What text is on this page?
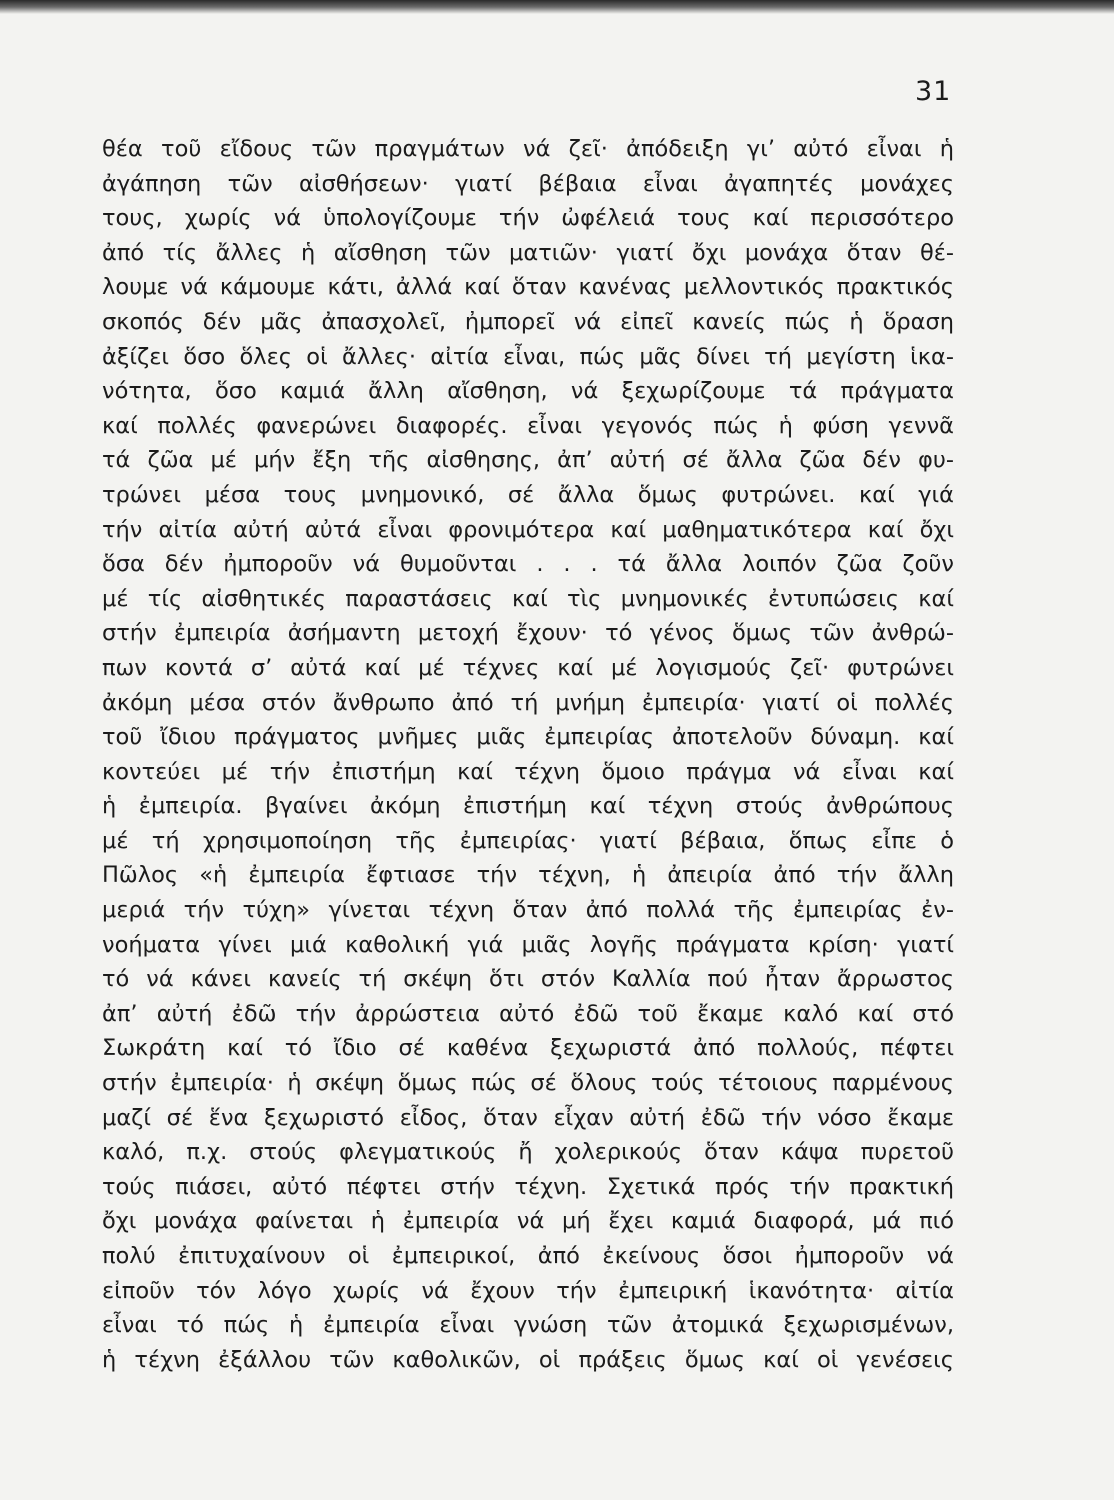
31
θέα τοῦ εἴδους τῶν πραγμάτων νά ζεῖ· ἀπόδειξη γι’ αὐτό εἶναι ἡ
ἀγάπηση τῶν αἰσθήσεων· γιατί βέβαια εἶναι ἀγαπητές μονάχες
τους, χωρίς νά ὑπολογίζουμε τήν ὠφέλειά τους καί περισσότερο
ἀπό τίς ἄλλες ἡ αἴσθηση τῶν ματιῶν· γιατί ὄχι μονάχα ὅταν θέ-
λουμε νά κάμουμε κάτι, ἀλλά καί ὅταν κανένας μελλοντικός πρακτικός
σκοπός δέν μᾶς ἀπασχολεῖ, ἠμπορεῖ νά εἰπεῖ κανείς πώς ἡ ὅραση
ἀξίζει ὅσο ὅλες οἱ ἄλλες· αἰτία εἶναι, πώς μᾶς δίνει τή μεγίστη ἱκα-
νότητα, ὅσο καμιά ἄλλη αἴσθηση, νά ξεχωρίζουμε τά πράγματα
καί πολλές φανερώνει διαφορές. εἶναι γεγονός πώς ἡ φύση γεννᾶ
τά ζῶα μέ μήν ἔξη τῆς αἰσθησης, ἀπ’ αὐτή σέ ἄλλα ζῶα δέν φυ-
τρώνει μέσα τους μνημονικό, σέ ἄλλα ὅμως φυτρώνει. καί γιά
τήν αἰτία αὐτή αὐτά εἶναι φρονιμότερα καί μαθηματικότερα καί ὄχι
ὅσα δέν ἠμποροῦν νά θυμοῦνται . . . τά ἄλλα λοιπόν ζῶα ζοῦν
μέ τίς αἰσθητικές παραστάσεις καί τὶς μνημονικές ἐντυπώσεις καί
στήν ἐμπειρία ἀσήμαντη μετοχή ἔχουν· τό γένος ὅμως τῶν ἀνθρώ-
πων κοντά σ’ αὐτά καί μέ τέχνες καί μέ λογισμούς ζεῖ· φυτρώνει
ἀκόμη μέσα στόν ἄνθρωπο ἀπό τή μνήμη ἐμπειρία· γιατί οἱ πολλές
τοῦ ἴδιου πράγματος μνῆμες μιᾶς ἐμπειρίας ἀποτελοῦν δύναμη. καί
κοντεύει μέ τήν ἐπιστήμη καί τέχνη ὅμοιο πράγμα νά εἶναι καί
ἡ ἐμπειρία. βγαίνει ἀκόμη ἐπιστήμη καί τέχνη στούς ἀνθρώπους
μέ τή χρησιμοποίηση τῆς ἐμπειρίας· γιατί βέβαια, ὅπως εἶπε ὁ
Πῶλος «ἡ ἐμπειρία ἔφτιασε τήν τέχνη, ἡ ἀπειρία ἀπό τήν ἄλλη
μεριά τήν τύχη» γίνεται τέχνη ὅταν ἀπό πολλά τῆς ἐμπειρίας ἐν-
νοήματα γίνει μιά καθολική γιά μιᾶς λογῆς πράγματα κρίση· γιατί
τό νά κάνει κανείς τή σκέψη ὅτι στόν Καλλία πού ἦταν ἄρρωστος
ἀπ’ αὐτή ἐδῶ τήν ἀρρώστεια αὐτό ἐδῶ τοῦ ἔκαμε καλό καί στό
Σωκράτη καί τό ἴδιο σέ καθένα ξεχωριστά ἀπό πολλούς, πέφτει
στήν ἐμπειρία· ἡ σκέψη ὅμως πώς σέ ὅλους τούς τέτοιους παρμένους
μαζί σέ ἕνα ξεχωριστό εἶδος, ὅταν εἶχαν αὐτή ἐδῶ τήν νόσο ἔκαμε
καλό, π.χ. στούς φλεγματικούς ἤ χολερικούς ὅταν κάψα πυρετοῦ
τούς πιάσει, αὐτό πέφτει στήν τέχνη. Σχετικά πρός τήν πρακτική
ὄχι μονάχα φαίνεται ἡ ἐμπειρία νά μή ἔχει καμιά διαφορά, μά πιό
πολύ ἐπιτυχαίνουν οἱ ἐμπειρικοί, ἀπό ἐκείνους ὅσοι ἠμποροῦν νά
εἰποῦν τόν λόγο χωρίς νά ἔχουν τήν ἐμπειρική ἱκανότητα· αἰτία
εἶναι τό πώς ἡ ἐμπειρία εἶναι γνώση τῶν ἀτομικά ξεχωρισμένων,
ἡ τέχνη ἐξάλλου τῶν καθολικῶν, οἱ πράξεις ὅμως καί οἱ γενέσεις
